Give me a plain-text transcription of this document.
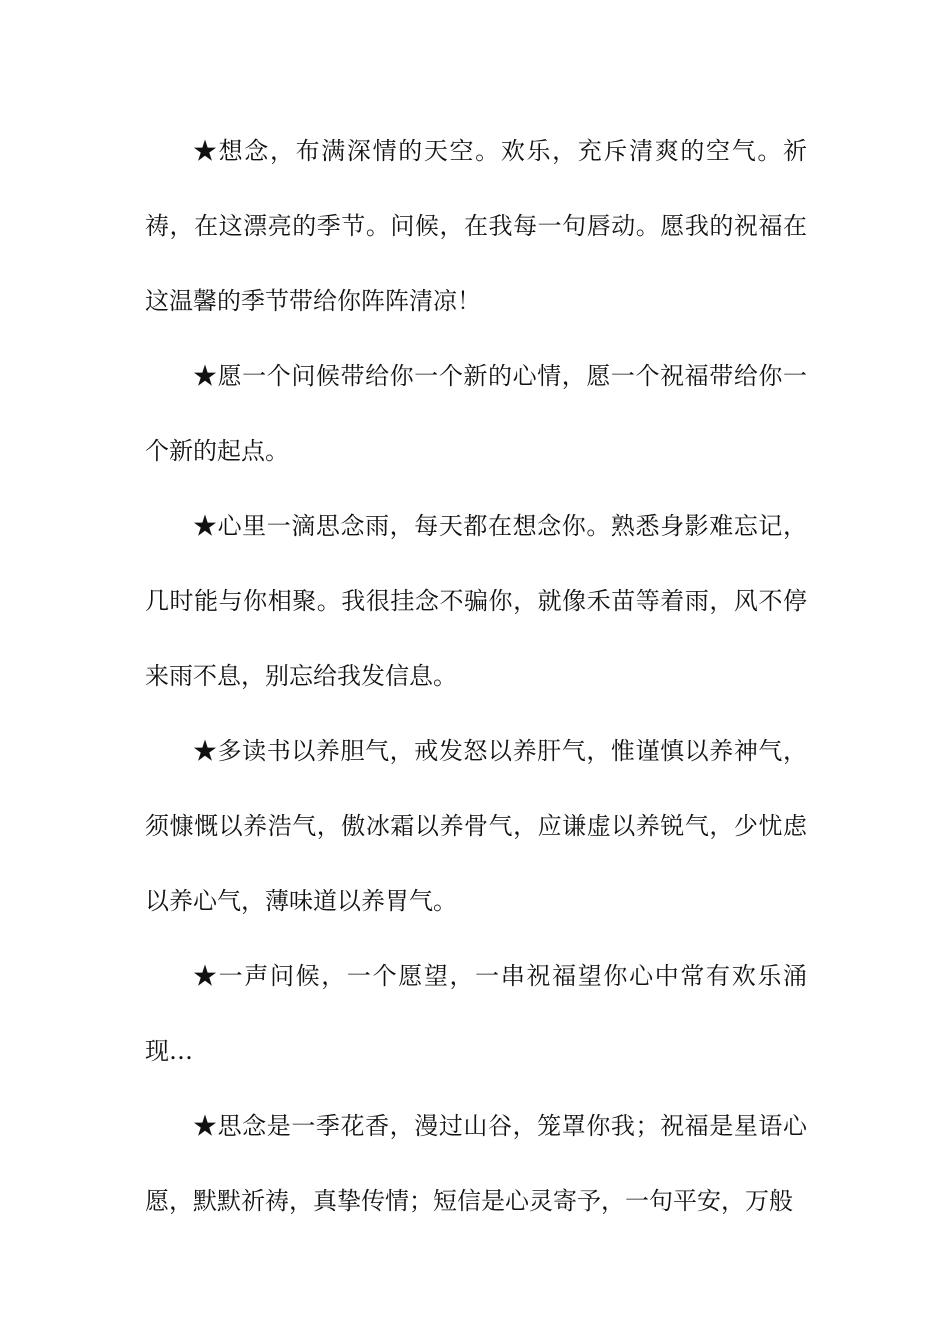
★想念，布满深情的天空。欢乐，充斥清爽的空气。祈祷，在这漂亮的季节。问候，在我每一句唇动。愿我的祝福在这温馨的季节带给你阵阵清凉！

★愿一个问候带给你一个新的心情，愿一个祝福带给你一个新的起点。

★心里一滴思念雨，每天都在想念你。熟悉身影难忘记，几时能与你相聚。我很挂念不骗你，就像禾苗等着雨，风不停来雨不息，别忘给我发信息。

★多读书以养胆气，戒发怒以养肝气，惟谨慎以养神气，须慷慨以养浩气，傲冰霜以养骨气，应谦虚以养锐气，少忧虑以养心气，薄味道以养胃气。

★一声问候，一个愿望，一串祝福望你心中常有欢乐涌现…

★思念是一季花香，漫过山谷，笼罩你我；祝福是星语心愿，默默祈祷，真挚传情；短信是心灵寄予，一句平安，万般
